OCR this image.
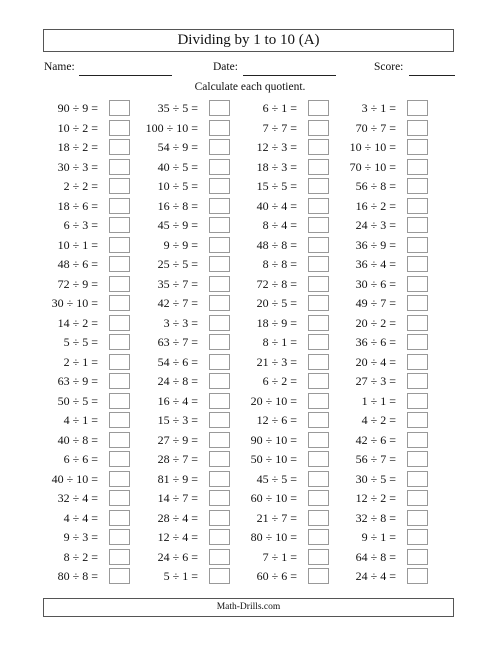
Dividing by 1 to 10 (A)
Name:	Date:	Score:
Calculate each quotient.
90 ÷ 9 =	35 ÷ 5 =	6 ÷ 1 =	3 ÷ 1 =
10 ÷ 2 =	100 ÷ 10 =	7 ÷ 7 =	70 ÷ 7 =
18 ÷ 2 =	54 ÷ 9 =	12 ÷ 3 =	10 ÷ 10 =
30 ÷ 3 =	40 ÷ 5 =	18 ÷ 3 =	70 ÷ 10 =
2 ÷ 2 =	10 ÷ 5 =	15 ÷ 5 =	56 ÷ 8 =
18 ÷ 6 =	16 ÷ 8 =	40 ÷ 4 =	16 ÷ 2 =
6 ÷ 3 =	45 ÷ 9 =	8 ÷ 4 =	24 ÷ 3 =
10 ÷ 1 =	9 ÷ 9 =	48 ÷ 8 =	36 ÷ 9 =
48 ÷ 6 =	25 ÷ 5 =	8 ÷ 8 =	36 ÷ 4 =
72 ÷ 9 =	35 ÷ 7 =	72 ÷ 8 =	30 ÷ 6 =
30 ÷ 10 =	42 ÷ 7 =	20 ÷ 5 =	49 ÷ 7 =
14 ÷ 2 =	3 ÷ 3 =	18 ÷ 9 =	20 ÷ 2 =
5 ÷ 5 =	63 ÷ 7 =	8 ÷ 1 =	36 ÷ 6 =
2 ÷ 1 =	54 ÷ 6 =	21 ÷ 3 =	20 ÷ 4 =
63 ÷ 9 =	24 ÷ 8 =	6 ÷ 2 =	27 ÷ 3 =
50 ÷ 5 =	16 ÷ 4 =	20 ÷ 10 =	1 ÷ 1 =
4 ÷ 1 =	15 ÷ 3 =	12 ÷ 6 =	4 ÷ 2 =
40 ÷ 8 =	27 ÷ 9 =	90 ÷ 10 =	42 ÷ 6 =
6 ÷ 6 =	28 ÷ 7 =	50 ÷ 10 =	56 ÷ 7 =
40 ÷ 10 =	81 ÷ 9 =	45 ÷ 5 =	30 ÷ 5 =
32 ÷ 4 =	14 ÷ 7 =	60 ÷ 10 =	12 ÷ 2 =
4 ÷ 4 =	28 ÷ 4 =	21 ÷ 7 =	32 ÷ 8 =
9 ÷ 3 =	12 ÷ 4 =	80 ÷ 10 =	9 ÷ 1 =
8 ÷ 2 =	24 ÷ 6 =	7 ÷ 1 =	64 ÷ 8 =
80 ÷ 8 =	5 ÷ 1 =	60 ÷ 6 =	24 ÷ 4 =
Math-Drills.com
